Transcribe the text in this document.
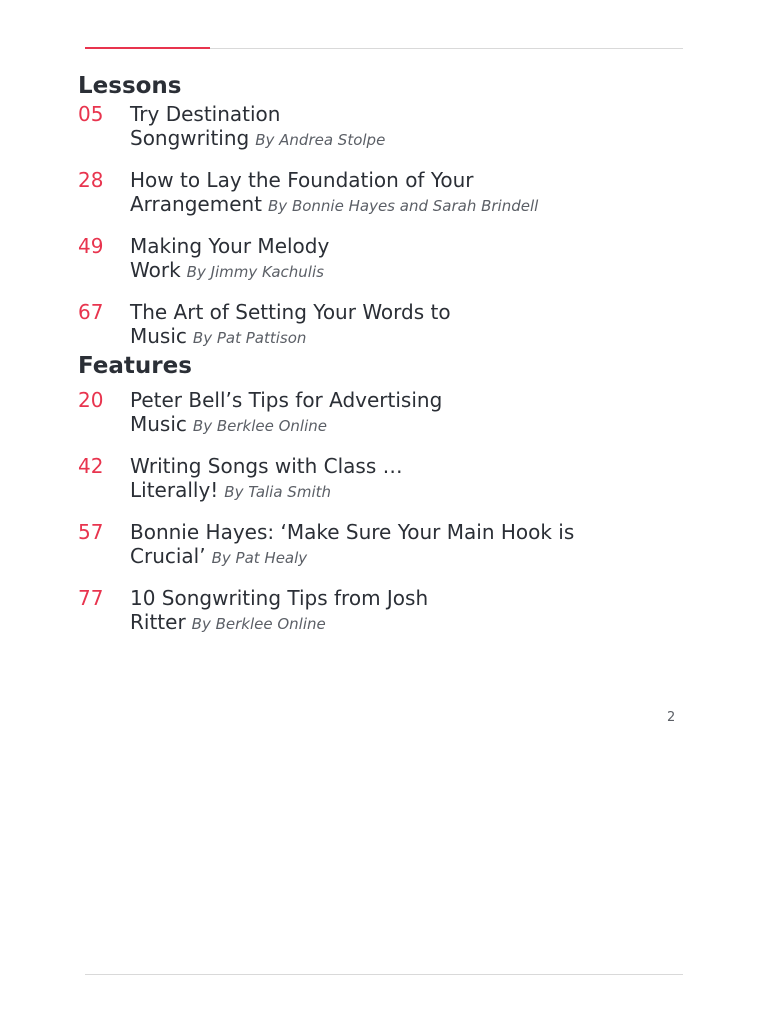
Lessons
05	Try Destination
Songwriting By Andrea Stolpe
28	How to Lay the Foundation of Your
Arrangement By Bonnie Hayes and Sarah Brindell
49	Making Your Melody
Work By Jimmy Kachulis
67	The Art of Setting Your Words to
Music By Pat Pattison
Features
20	Peter Bell’s Tips for Advertising
Music By Berklee Online
42	Writing Songs with Class …
Literally! By Talia Smith
57	Bonnie Hayes: ‘Make Sure Your Main Hook is
Crucial’ By Pat Healy
77	10 Songwriting Tips from Josh
Ritter By Berklee Online
2
